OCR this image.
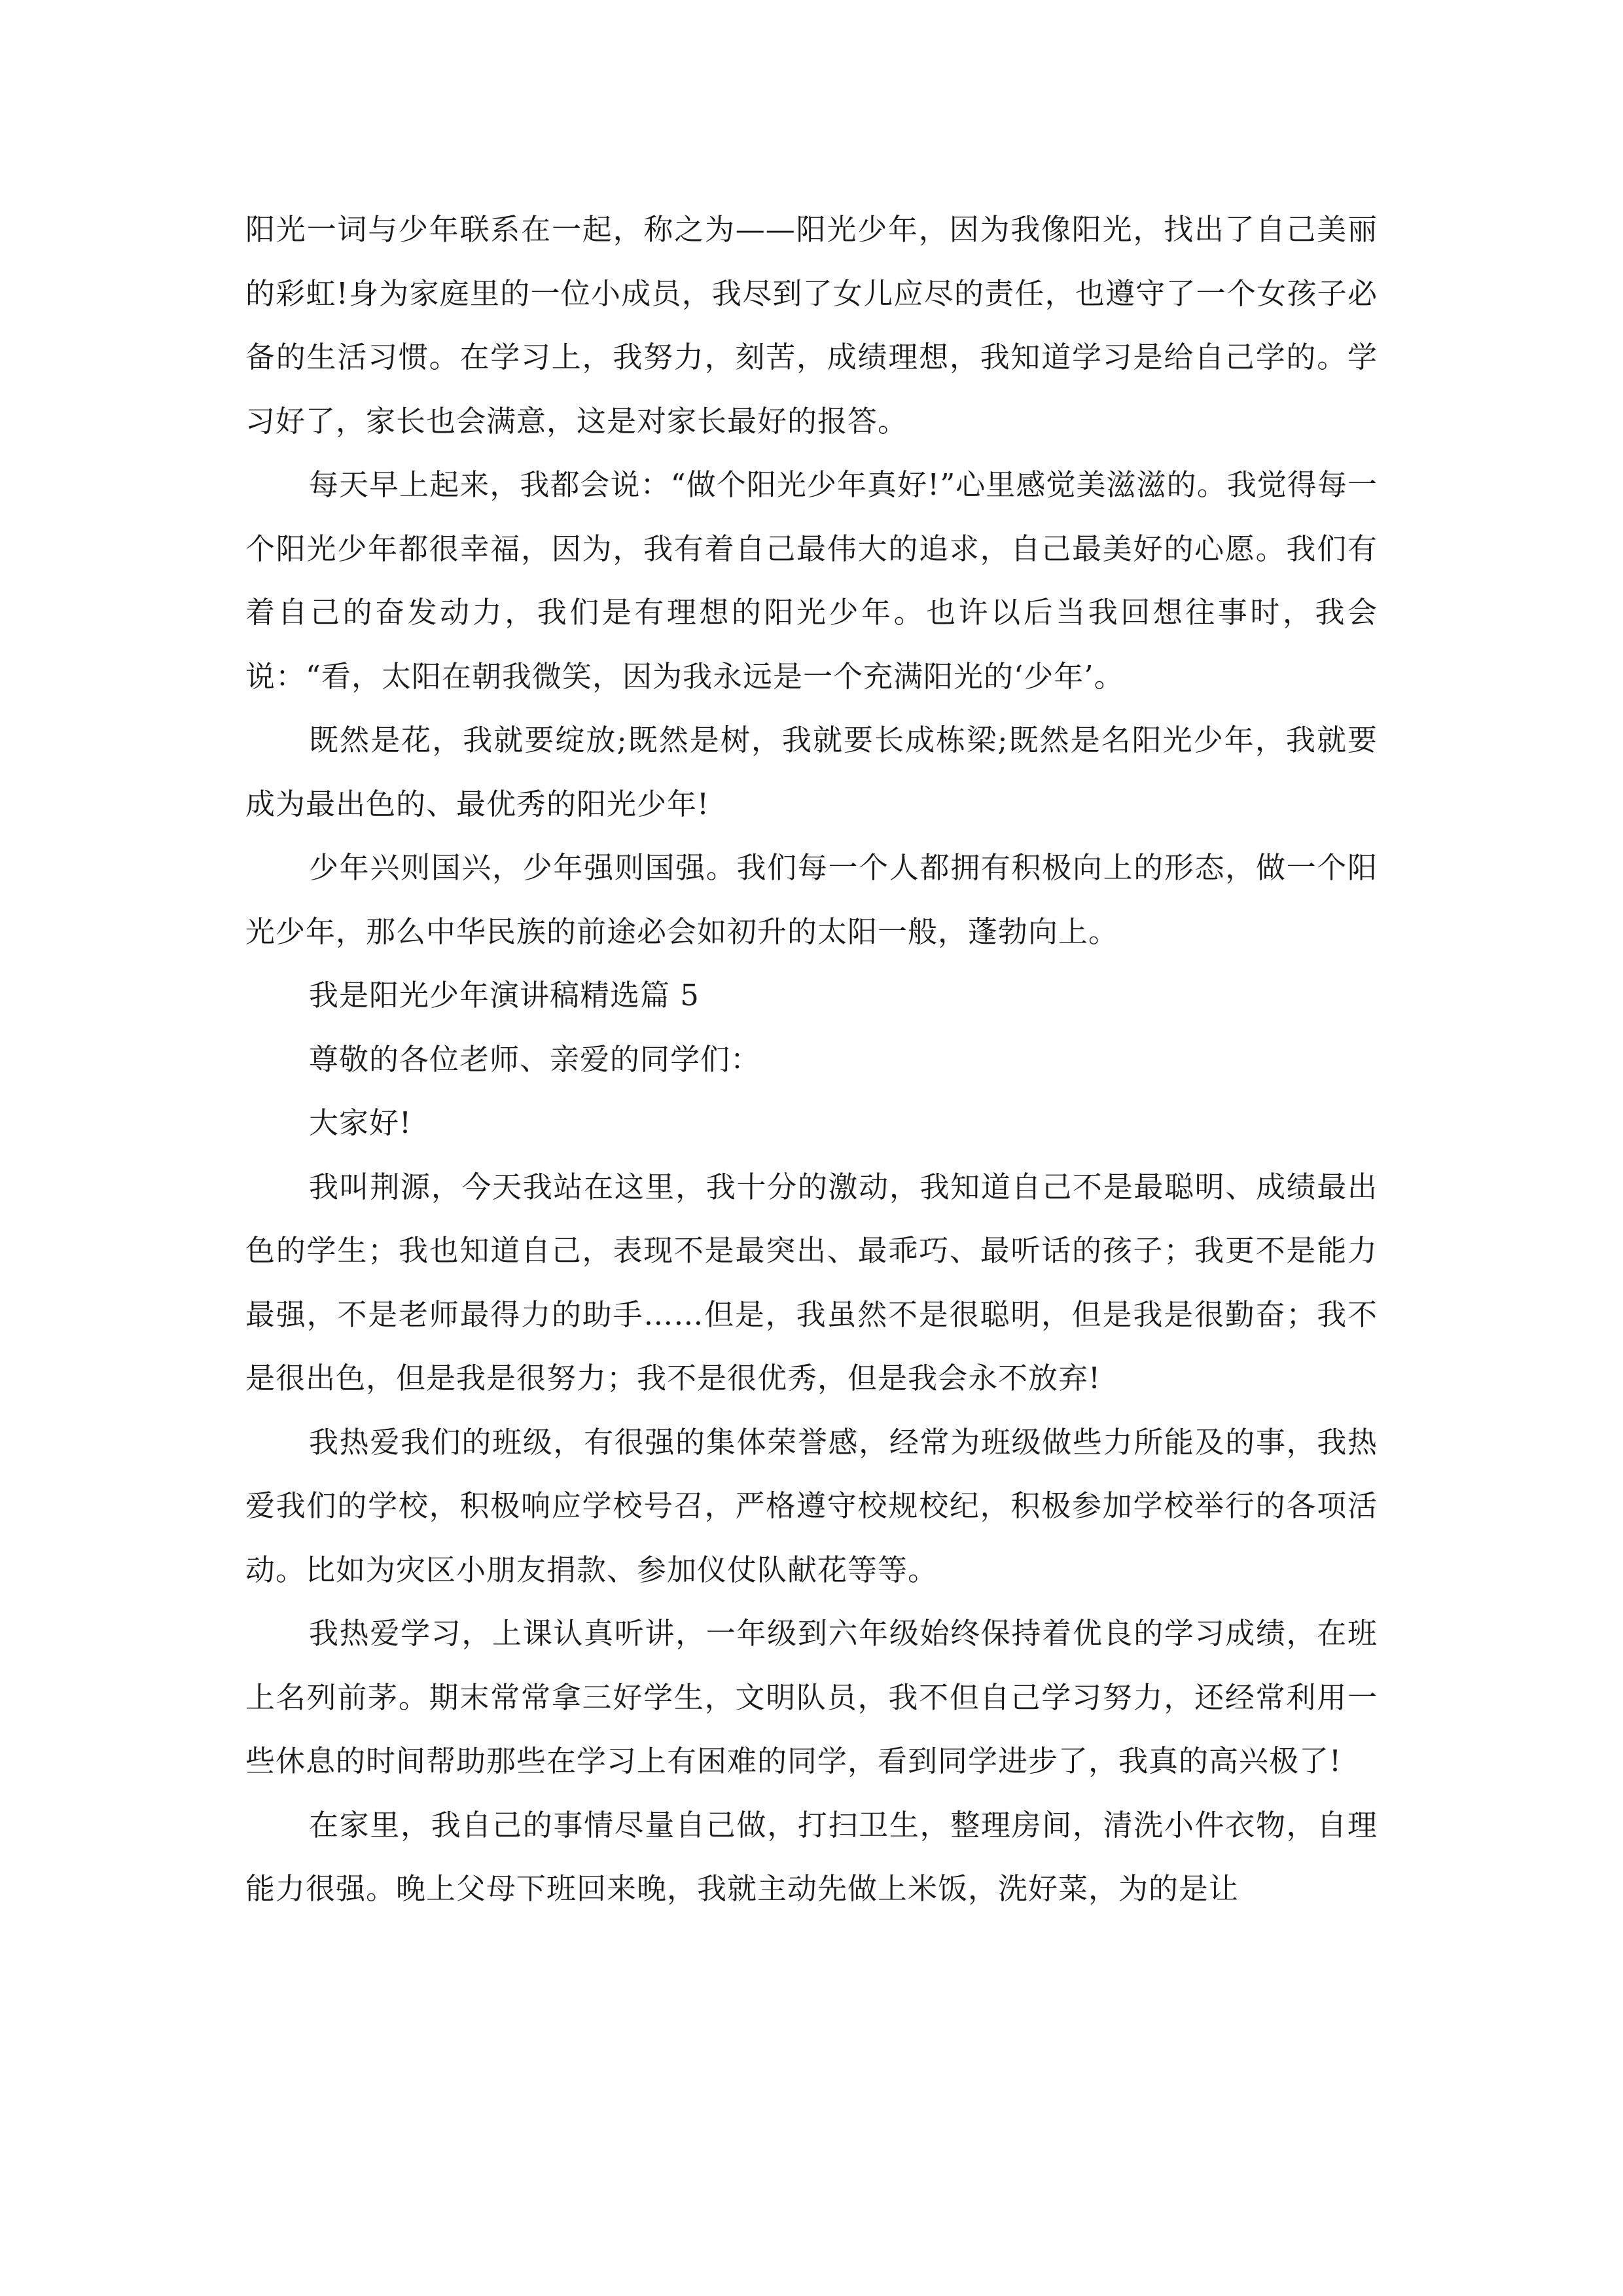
阳光一词与少年联系在一起，称之为——阳光少年，因为我像阳光，找出了自己美丽的彩虹!身为家庭里的一位小成员，我尽到了女儿应尽的责任，也遵守了一个女孩子必备的生活习惯。在学习上，我努力，刻苦，成绩理想，我知道学习是给自己学的。学习好了，家长也会满意，这是对家长最好的报答。

每天早上起来，我都会说：“做个阳光少年真好!”心里感觉美滋滋的。我觉得每一个阳光少年都很幸福，因为，我有着自己最伟大的追求，自己最美好的心愿。我们有着自己的奋发动力，我们是有理想的阳光少年。也许以后当我回想往事时，我会说：“看，太阳在朝我微笑，因为我永远是一个充满阳光的‘少年’。

既然是花，我就要绽放;既然是树，我就要长成栋梁;既然是名阳光少年，我就要成为最出色的、最优秀的阳光少年!

少年兴则国兴，少年强则国强。我们每一个人都拥有积极向上的形态，做一个阳光少年，那么中华民族的前途必会如初升的太阳一般，蓬勃向上。

我是阳光少年演讲稿精选篇 5

尊敬的各位老师、亲爱的同学们：

大家好!

我叫荆源，今天我站在这里，我十分的激动，我知道自己不是最聪明、成绩最出色的学生；我也知道自己，表现不是最突出、最乖巧、最听话的孩子；我更不是能力最强，不是老师最得力的助手……但是，我虽然不是很聪明，但是我是很勤奋；我不是很出色，但是我是很努力；我不是很优秀，但是我会永不放弃!

我热爱我们的班级，有很强的集体荣誉感，经常为班级做些力所能及的事，我热爱我们的学校，积极响应学校号召，严格遵守校规校纪，积极参加学校举行的各项活动。比如为灾区小朋友捐款、参加仪仗队献花等等。

我热爱学习，上课认真听讲，一年级到六年级始终保持着优良的学习成绩，在班上名列前茅。期末常常拿三好学生，文明队员，我不但自己学习努力，还经常利用一些休息的时间帮助那些在学习上有困难的同学，看到同学进步了，我真的高兴极了!

在家里，我自己的事情尽量自己做，打扫卫生，整理房间，清洗小件衣物，自理能力很强。晚上父母下班回来晚，我就主动先做上米饭，洗好菜，为的是让
